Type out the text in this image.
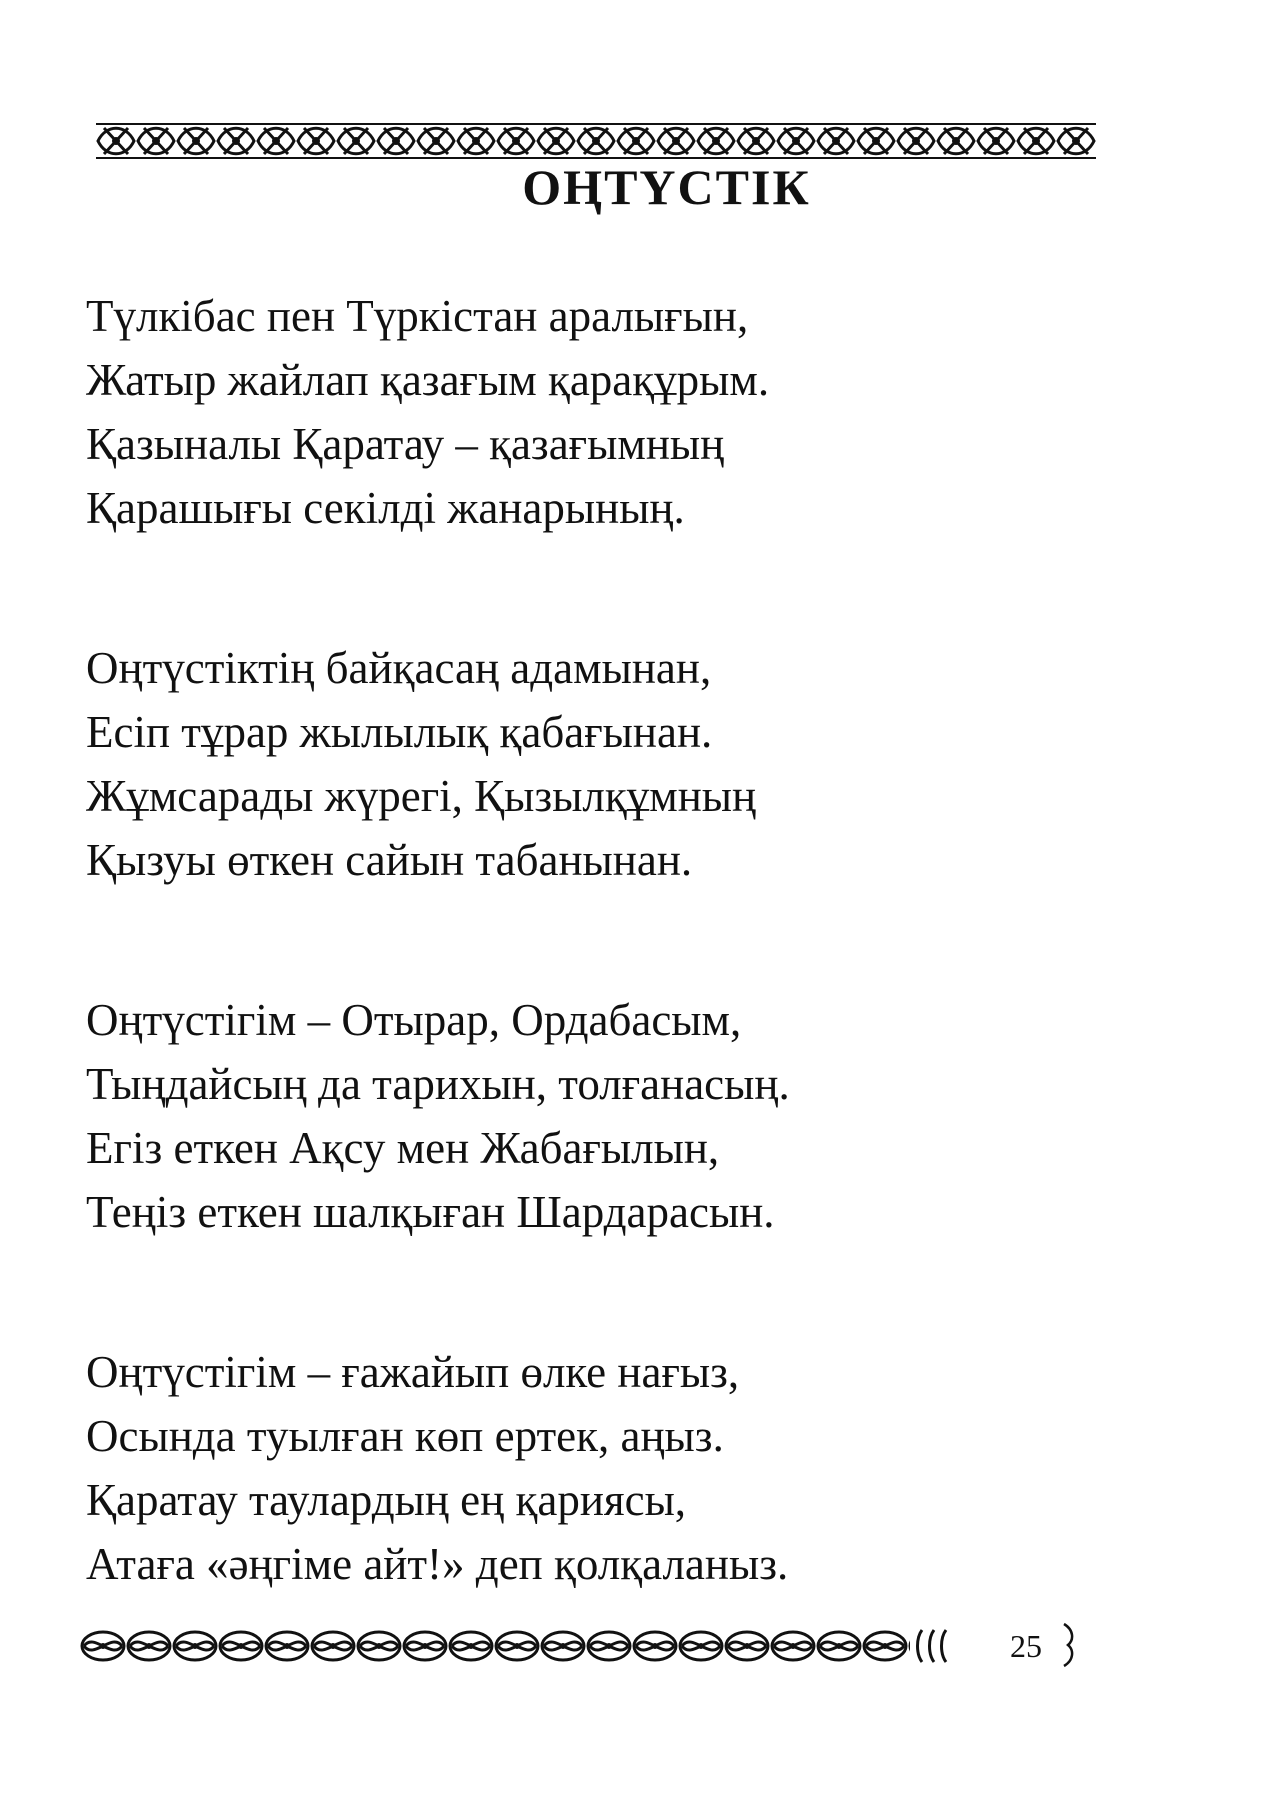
ОҢТҮСТІК
Түлкібас пен Түркістан аралығын,
Жатыр жайлап қазағым қарақұрым.
Қазыналы Қаратау – қазағымның
Қарашығы секілді жанарының.
Оңтүстіктің байқасаң адамынан,
Есіп тұрар жылылық қабағынан.
Жұмсарады жүрегі, Қызылқұмның
Қызуы өткен сайын табанынан.
Оңтүстігім – Отырар, Ордабасым,
Тыңдайсың да тарихын, толғанасың.
Егіз еткен Ақсу мен Жабағылын,
Теңіз еткен шалқыған Шардарасын.
Оңтүстігім – ғажайып өлке нағыз,
Осында туылған көп ертек, аңыз.
Қаратау таулардың ең қариясы,
Атаға «әңгіме айт!» деп қолқаланыз.
25
